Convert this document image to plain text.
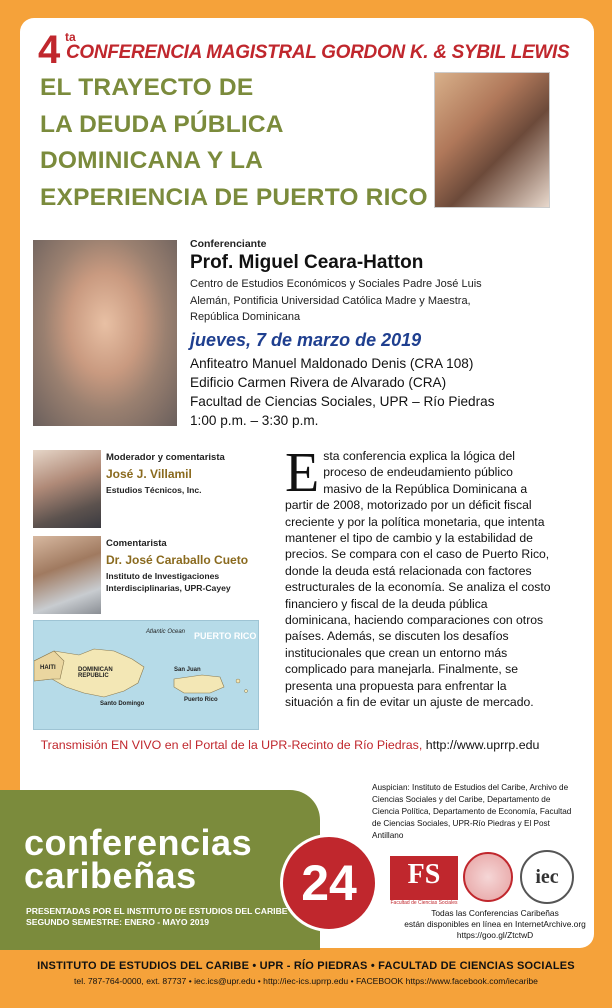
4 ta
CONFERENCIA MAGISTRAL GORDON K. & SYBIL LEWIS
EL TRAYECTO DE
LA DEUDA PÚBLICA
DOMINICANA Y LA
EXPERIENCIA DE PUERTO RICO
Conferenciante
Prof. Miguel Ceara-Hatton
Centro de Estudios Económicos y Sociales Padre José Luis Alemán, Pontificia Universidad Católica Madre y Maestra, República Dominicana
jueves, 7 de marzo de 2019
Anfiteatro Manuel Maldonado Denis (CRA 108)
Edificio Carmen Rivera de Alvarado (CRA)
Facultad de Ciencias Sociales, UPR – Río Piedras
1:00 p.m. – 3:30 p.m.
Moderador y comentarista
José J. Villamil
Estudios Técnicos, Inc.
Comentarista
Dr. José Caraballo Cueto
Instituto de Investigaciones Interdisciplinarias, UPR-Cayey
HAITI	DOMINICAN REPUBLIC
Santo Domingo
PUERTO RICO
San Juan
Puerto Rico
Atlantic Ocean
Esta conferencia explica la lógica del proceso de endeudamiento público masivo de la República Dominicana a partir de 2008, motorizado por un déficit fiscal creciente y por la política monetaria, que intenta mantener el tipo de cambio y la estabilidad de precios. Se compara con el caso de Puerto Rico, donde la deuda está relacionada con factores estructurales de la economía. Se analiza el costo financiero y fiscal de la deuda pública dominicana, haciendo comparaciones con otros países. Además, se discuten los desafíos institucionales que crean un entorno más complicado para manejarla. Finalmente, se presenta una propuesta para enfrentar la situación a fin de evitar un ajuste de mercado.
Transmisión EN VIVO en el Portal de la UPR-Recinto de Río Piedras, http://www.uprrp.edu
conferencias
caribeñas
PRESENTADAS POR EL INSTITUTO DE ESTUDIOS DEL CARIBE
SEGUNDO SEMESTRE: ENERO - MAYO 2019
24
Auspician: Instituto de Estudios del Caribe, Archivo de Ciencias Sociales y del Caribe, Departamento de Ciencia Política, Departamento de Economía, Facultad de Ciencias Sociales, UPR-Río Piedras y El Post Antillano
FS
Facultad de Ciencias Sociales
iec
Todas las Conferencias Caribeñas
están disponibles en línea en InternetArchive.org
https://goo.gl/ZtctwD
INSTITUTO DE ESTUDIOS DEL CARIBE • UPR - RÍO PIEDRAS • FACULTAD DE CIENCIAS SOCIALES
tel. 787-764-0000, ext. 87737 • iec.ics@upr.edu • http://iec-ics.uprrp.edu • FACEBOOK https://www.facebook.com/iecaribe
